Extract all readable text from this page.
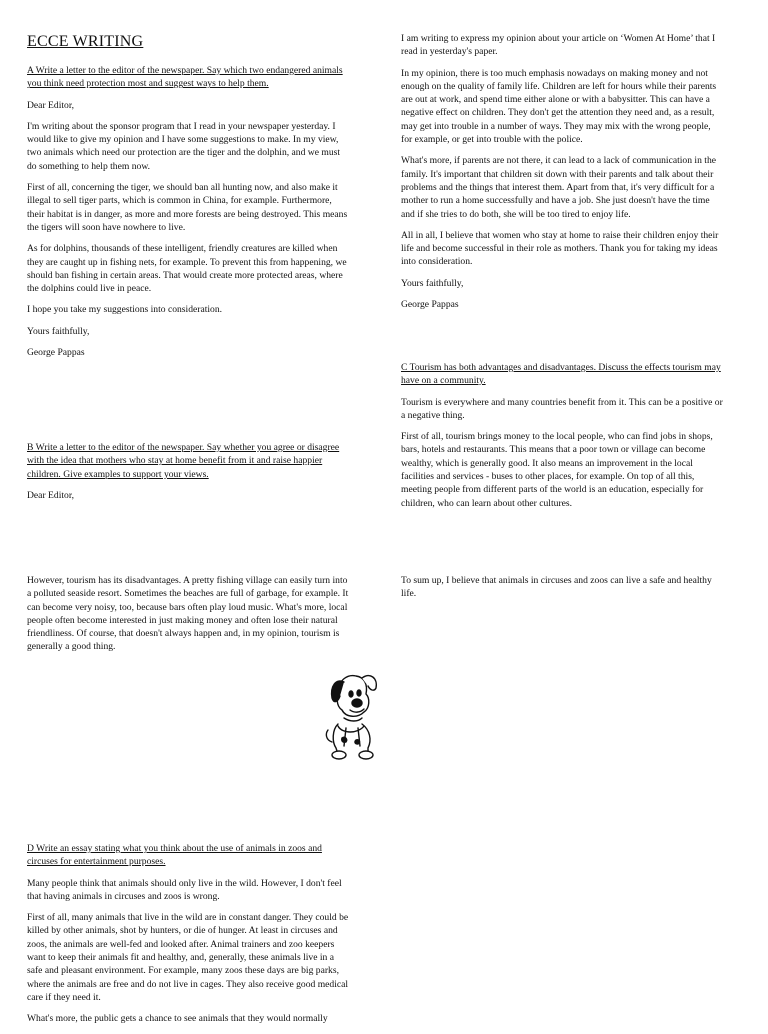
ECCE WRITING

A Write a letter to the editor of the newspaper. Say which two endangered animals you think need protection most and suggest ways to help them.

Dear Editor,

I'm writing about the sponsor program that I read in your newspaper yesterday. I would like to give my opinion and I have some suggestions to make. In my view, two animals which need our protection are the tiger and the dolphin, and we must do something to help them now.

First of all, concerning the tiger, we should ban all hunting now, and also make it illegal to sell tiger parts, which is common in China, for example. Furthermore, their habitat is in danger, as more and more forests are being destroyed. This means the tigers will soon have nowhere to live.

As for dolphins, thousands of these intelligent, friendly creatures are killed when they are caught up in fishing nets, for example. To prevent this from happening, we should ban fishing in certain areas. That would create more protected areas, where the dolphins could live in peace.

I hope you take my suggestions into consideration.

Yours faithfully,

George Pappas

B Write a letter to the editor of the newspaper. Say whether you agree or disagree with the idea that mothers who stay at home benefit from it and raise happier children. Give examples to support your views.

Dear Editor,

I am writing to express my opinion about your article on ‘Women At Home’ that I read in yesterday's paper.

In my opinion, there is too much emphasis nowadays on making money and not enough on the quality of family life. Children are left for hours while their parents are out at work, and spend time either alone or with a babysitter. This can have a negative effect on children. They don't get the attention they need and, as a result, may get into trouble in a number of ways. They may mix with the wrong people, for example, or get into trouble with the police.

What's more, if parents are not there, it can lead to a lack of communication in the family. It's important that children sit down with their parents and talk about their problems and the things that interest them. Apart from that, it's very difficult for a mother to run a home successfully and have a job. She just doesn't have the time and if she tries to do both, she will be too tired to enjoy life.

All in all, I believe that women who stay at home to raise their children enjoy their life and become successful in their role as mothers. Thank you for taking my ideas into consideration.

Yours faithfully,

George Pappas

C Tourism has both advantages and disadvantages. Discuss the effects tourism may have on a community.

Tourism is everywhere and many countries benefit from it. This can be a positive or a negative thing.

First of all, tourism brings money to the local people, who can find jobs in shops, bars, hotels and restaurants. This means that a poor town or village can become wealthy, which is generally good. It also means an improvement in the local facilities and services - buses to other places, for example. On top of all this, meeting people from different parts of the world is an education, especially for children, who can learn about other cultures.

However, tourism has its disadvantages. A pretty fishing village can easily turn into a polluted seaside resort. Sometimes the beaches are full of garbage, for example. It can become very noisy, too, because bars often play loud music. What's more, local people often become interested in just making money and often lose their natural friendliness. Of course, that doesn't always happen and, in my opinion, tourism is generally a good thing.

To sum up, I believe that animals in circuses and zoos can live a safe and healthy life.

D Write an essay stating what you think about the use of animals in zoos and circuses for entertainment purposes.

Many people think that animals should only live in the wild. However, I don't feel that having animals in circuses and zoos is wrong.

First of all, many animals that live in the wild are in constant danger. They could be killed by other animals, shot by hunters, or die of hunger. At least in circuses and zoos, the animals are well-fed and looked after. Animal trainers and zoo keepers want to keep their animals fit and healthy, and, generally, these animals live in a safe and pleasant environment. For example, many zoos these days are big parks, where the animals are free and do not live in cages. They also receive good medical care if they need it.

What's more, the public gets a chance to see animals that they would normally
